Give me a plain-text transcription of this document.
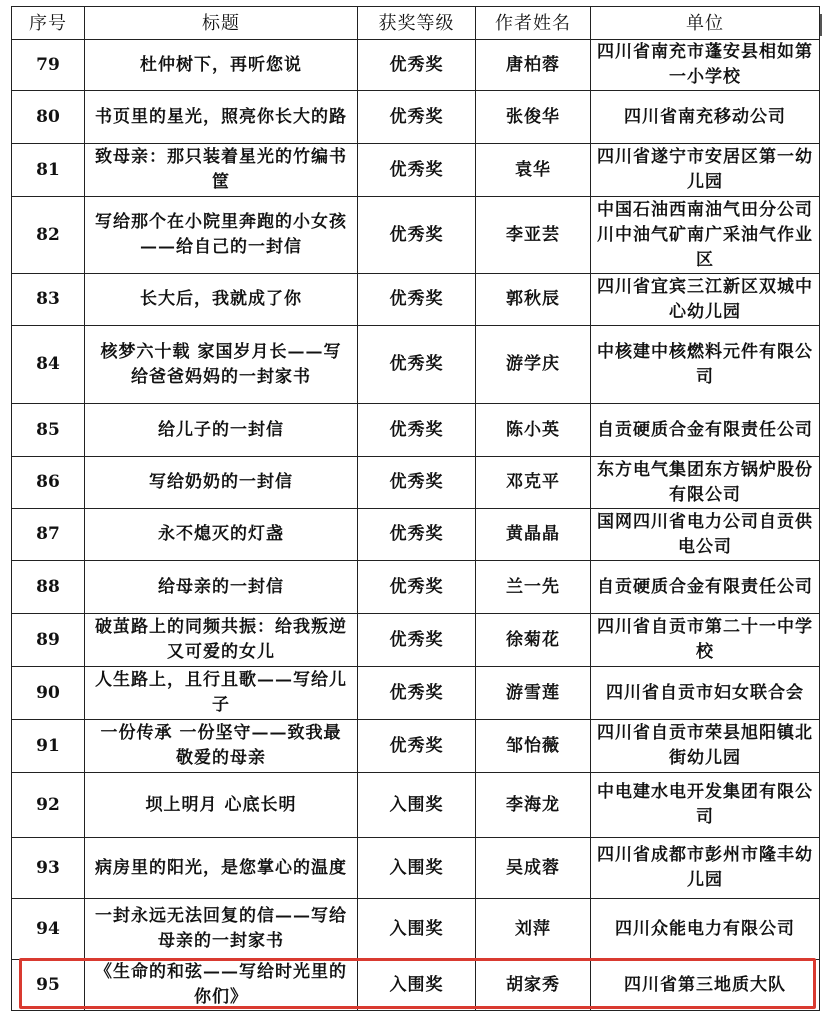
序号	标题	获奖等级	作者姓名	单位
79	杜仲树下，再听您说	优秀奖	唐柏蓉	四川省南充市蓬安县相如第一小学校
80	书页里的星光，照亮你长大的路	优秀奖	张俊华	四川省南充移动公司
81	致母亲：那只装着星光的竹编书筐	优秀奖	袁华	四川省遂宁市安居区第一幼儿园
82	写给那个在小院里奔跑的小女孩——给自己的一封信	优秀奖	李亚芸	中国石油西南油气田分公司川中油气矿南广采油气作业区
83	长大后，我就成了你	优秀奖	郭秋辰	四川省宜宾三江新区双城中心幼儿园
84	核梦六十载 家国岁月长——写给爸爸妈妈的一封家书	优秀奖	游学庆	中核建中核燃料元件有限公司
85	给儿子的一封信	优秀奖	陈小英	自贡硬质合金有限责任公司
86	写给奶奶的一封信	优秀奖	邓克平	东方电气集团东方锅炉股份有限公司
87	永不熄灭的灯盏	优秀奖	黄晶晶	国网四川省电力公司自贡供电公司
88	给母亲的一封信	优秀奖	兰一先	自贡硬质合金有限责任公司
89	破茧路上的同频共振：给我叛逆又可爱的女儿	优秀奖	徐菊花	四川省自贡市第二十一中学校
90	人生路上，且行且歌——写给儿子	优秀奖	游雪莲	四川省自贡市妇女联合会
91	一份传承 一份坚守——致我最敬爱的母亲	优秀奖	邹怡薇	四川省自贡市荣县旭阳镇北街幼儿园
92	坝上明月 心底长明	入围奖	李海龙	中电建水电开发集团有限公司
93	病房里的阳光，是您掌心的温度	入围奖	吴成蓉	四川省成都市彭州市隆丰幼儿园
94	一封永远无法回复的信——写给母亲的一封家书	入围奖	刘萍	四川众能电力有限公司
95	《生命的和弦——写给时光里的你们》	入围奖	胡家秀	四川省第三地质大队
